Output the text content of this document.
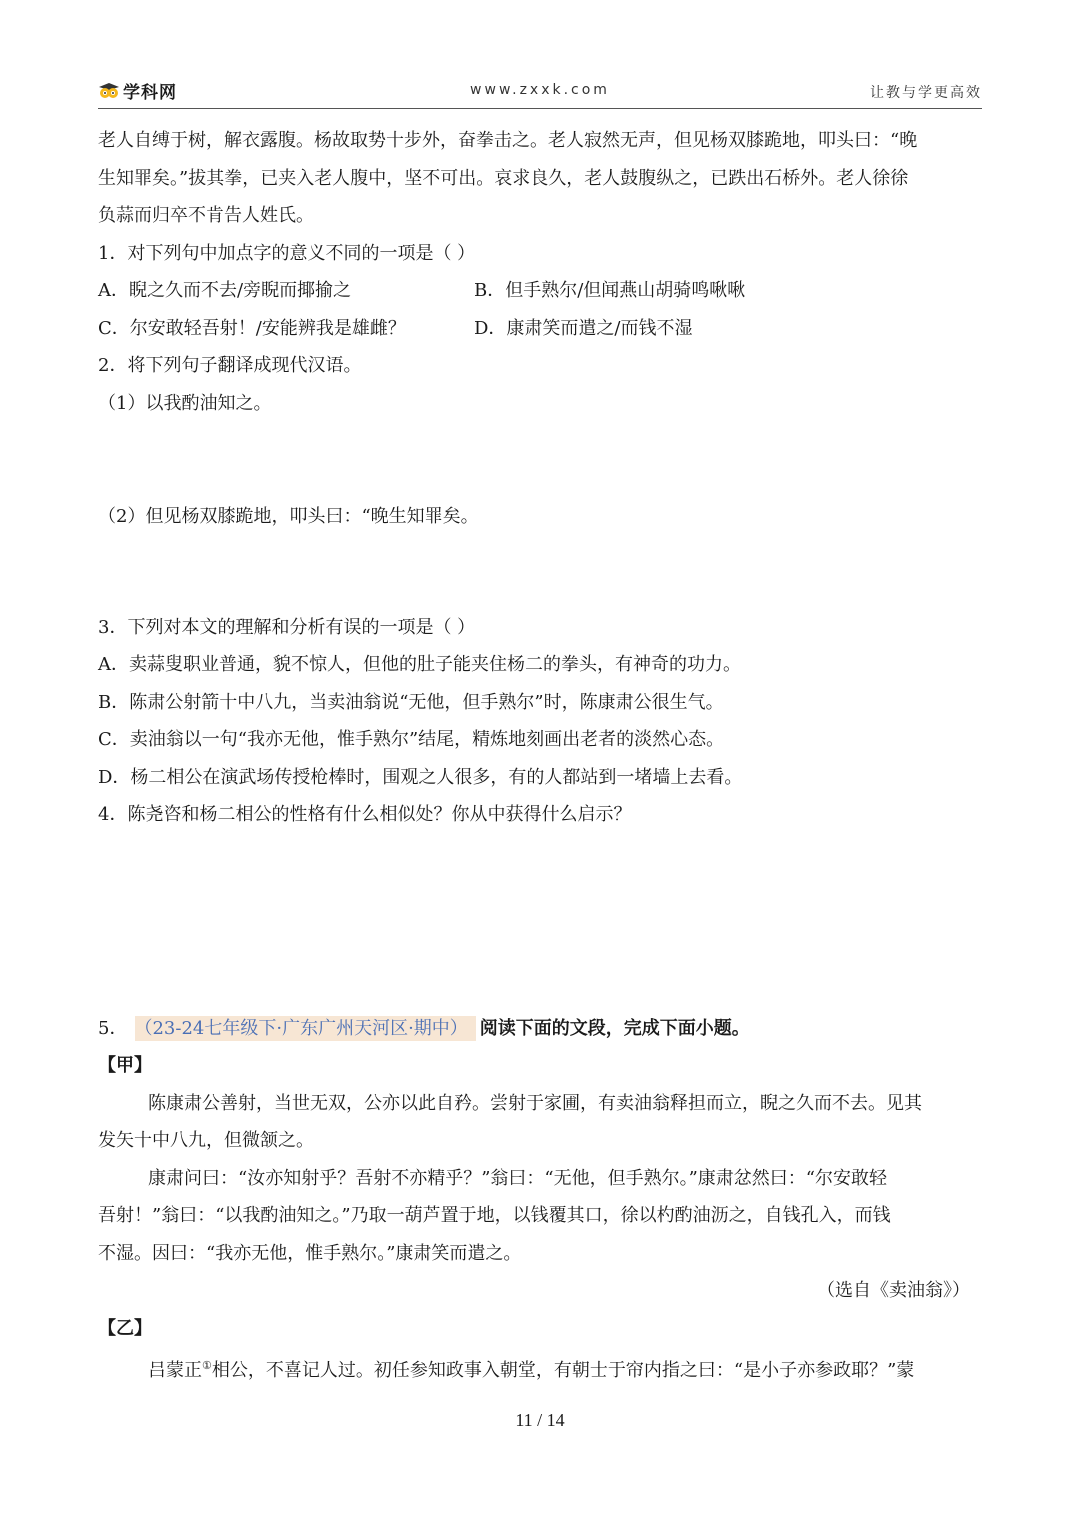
学科网	www.zxxk.com	让教与学更高效
老人自缚于树，解衣露腹。杨故取势十步外，奋拳击之。老人寂然无声，但见杨双膝跪地，叩头曰：“晚
生知罪矣。”拔其拳，已夹入老人腹中，坚不可出。哀求良久，老人鼓腹纵之，已跌出石桥外。老人徐徐
负蒜而归卒不肯告人姓氏。
1．对下列句中加点字的意义不同的一项是（ ）
A．睨之久而不去/旁睨而揶揄之	B．但手熟尔/但闻燕山胡骑鸣啾啾
C．尔安敢轻吾射！/安能辨我是雄雌？	D．康肃笑而遣之/而钱不湿
2．将下列句子翻译成现代汉语。
（1）以我酌油知之。
（2）但见杨双膝跪地，叩头曰：“晚生知罪矣。
3．下列对本文的理解和分析有误的一项是（ ）
A．卖蒜叟职业普通，貌不惊人，但他的肚子能夹住杨二的拳头，有神奇的功力。
B．陈肃公射箭十中八九，当卖油翁说“无他，但手熟尔”时，陈康肃公很生气。
C．卖油翁以一句“我亦无他，惟手熟尔”结尾，精炼地刻画出老者的淡然心态。
D．杨二相公在演武场传授枪棒时，围观之人很多，有的人都站到一堵墙上去看。
4．陈尧咨和杨二相公的性格有什么相似处？你从中获得什么启示？
5． （23-24七年级下·广东广州天河区·期中） 阅读下面的文段，完成下面小题。
【甲】
陈康肃公善射，当世无双，公亦以此自矜。尝射于家圃，有卖油翁释担而立，睨之久而不去。见其
发矢十中八九，但微颔之。
康肃问曰：“汝亦知射乎？吾射不亦精乎？”翁曰：“无他，但手熟尔。”康肃忿然曰：“尔安敢轻
吾射！”翁曰：“以我酌油知之。”乃取一葫芦置于地，以钱覆其口，徐以杓酌油沥之，自钱孔入，而钱
不湿。因曰：“我亦无他，惟手熟尔。”康肃笑而遣之。
（选自《卖油翁》）
【乙】
吕蒙正①相公，不喜记人过。初任参知政事入朝堂，有朝士于帘内指之曰：“是小子亦参政耶？”蒙
11 / 14
